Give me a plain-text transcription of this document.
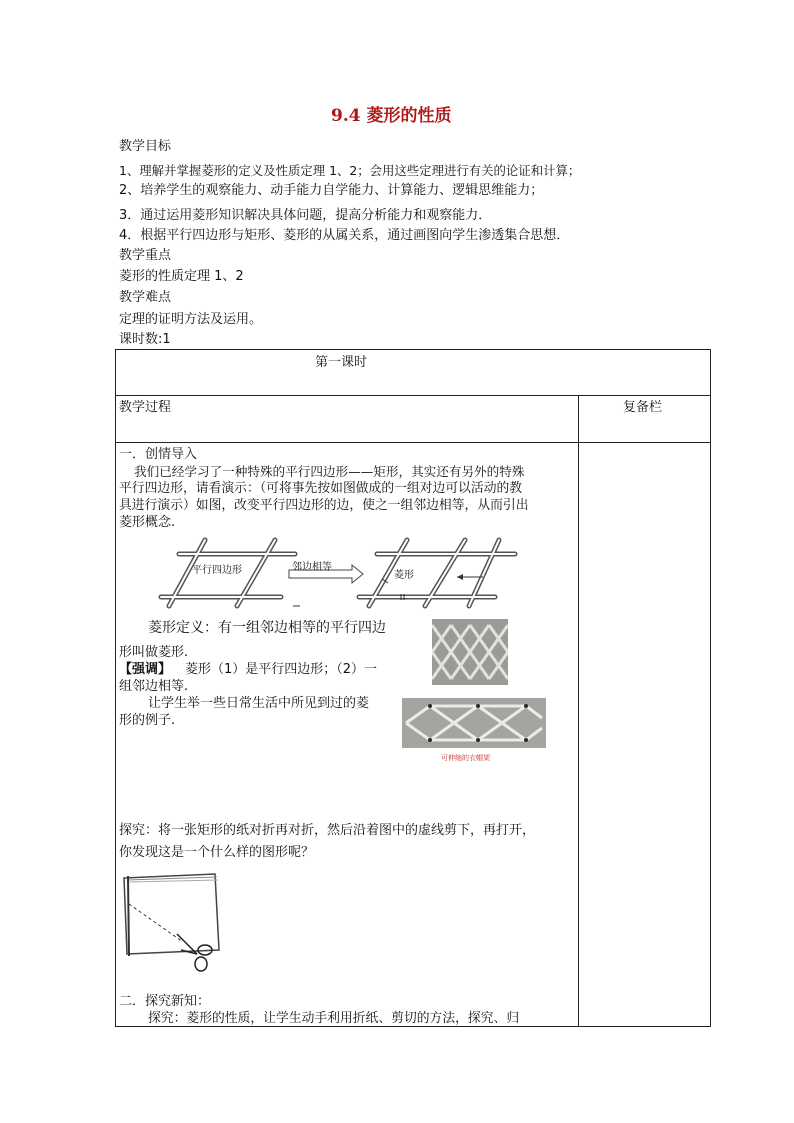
9.4 菱形的性质
教学目标
1、理解并掌握菱形的定义及性质定理 1、2；会用这些定理进行有关的论证和计算；
2、培养学生的观察能力、动手能力自学能力、计算能力、逻辑思维能力；
3．通过运用菱形知识解决具体问题，提高分析能力和观察能力．
4．根据平行四边形与矩形、菱形的从属关系，通过画图向学生渗透集合思想．
教学重点
菱形的性质定理 1、2
教学难点
定理的证明方法及运用。
课时数:1
第一课时
教学过程	复备栏
一．创情导入
我们已经学习了一种特殊的平行四边形——矩形，其实还有另外的特殊
平行四边形，请看演示：（可将事先按如图做成的一组对边可以活动的教
具进行演示）如图，改变平行四边形的边，使之一组邻边相等，从而引出
菱形概念.
平行四边形	邻边相等
菱形
菱形定义：有一组邻边相等的平行四边
形叫做菱形.
【强调】 菱形（1）是平行四边形；（2）一
组邻边相等.
让学生举一些日常生活中所见到过的菱
形的例子.
可伸缩的衣帽架
探究：将一张矩形的纸对折再对折，然后沿着图中的虚线剪下，再打开，
你发现这是一个什么样的图形呢？
二．探究新知：
探究：菱形的性质，让学生动手利用折纸、剪切的方法，探究、归
